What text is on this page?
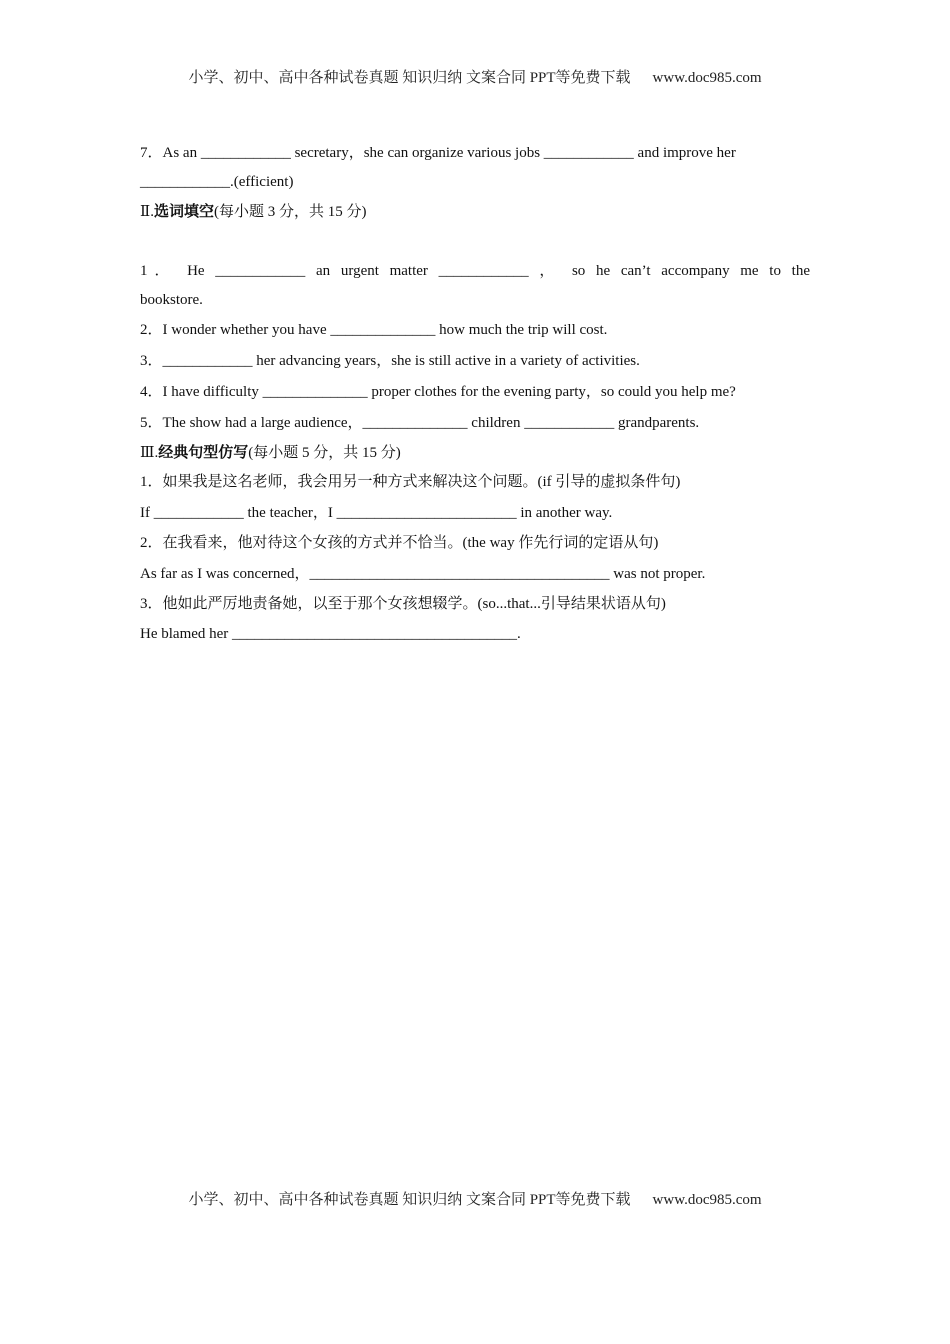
小学、初中、高中各种试卷真题 知识归纳 文案合同 PPT等免费下载 www.doc985.com
7．As an ____________ secretary，she can organize various jobs ____________ and improve her
____________.(efficient)
Ⅱ.选词填空(每小题 3 分，共 15 分)
1． He ____________ an urgent matter ____________ ， so he can’t accompany me to the
bookstore.
2．I wonder whether you have ______________ how much the trip will cost.
3．____________ her advancing years，she is still active in a variety of activities.
4．I have difficulty ______________ proper clothes for the evening party，so could you help me?
5．The show had a large audience，______________ children ____________ grandparents.
Ⅲ.经典句型仿写(每小题 5 分，共 15 分)
1．如果我是这名老师，我会用另一种方式来解决这个问题。(if 引导的虚拟条件句)
If ____________ the teacher，I ________________________ in another way.
2．在我看来，他对待这个女孩的方式并不恰当。(the way 作先行词的定语从句)
As far as I was concerned，________________________________________ was not proper.
3．他如此严厉地责备她，以至于那个女孩想辍学。(so...that...引导结果状语从句)
He blamed her ______________________________________.
小学、初中、高中各种试卷真题 知识归纳 文案合同 PPT等免费下载 www.doc985.com
